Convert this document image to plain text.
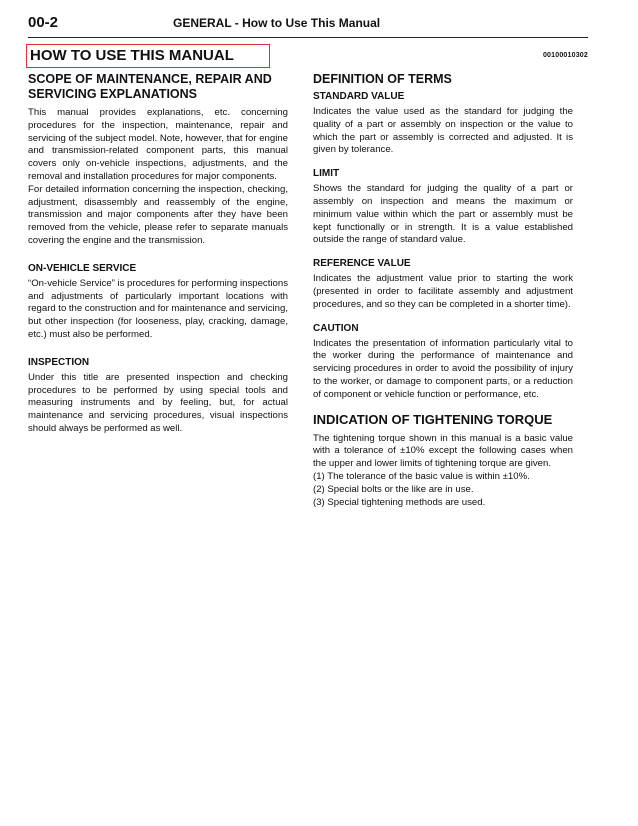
00-2	GENERAL - How to Use This Manual
HOW TO USE THIS MANUAL	00100010302
SCOPE OF MAINTENANCE, REPAIR AND SERVICING EXPLANATIONS

This manual provides explanations, etc. concerning procedures for the inspection, maintenance, repair and servicing of the subject model. Note, however, that for engine and transmission-related component parts, this manual covers only on-vehicle inspections, adjustments, and the removal and installation procedures for major components.

For detailed information concerning the inspection, checking, adjustment, disassembly and reassembly of the engine, transmission and major components after they have been removed from the vehicle, please refer to separate manuals covering the engine and the transmission.

ON-VEHICLE SERVICE

“On-vehicle Service” is procedures for performing inspections and adjustments of particularly important locations with regard to the construction and for maintenance and servicing, but other inspection (for looseness, play, cracking, damage, etc.) must also be performed.

INSPECTION

Under this title are presented inspection and checking procedures to be performed by using special tools and measuring instruments and by feeling, but, for actual maintenance and servicing procedures, visual inspections should always be performed as well.

DEFINITION OF TERMS
STANDARD VALUE

Indicates the value used as the standard for judging the quality of a part or assembly on inspection or the value to which the part or assembly is corrected and adjusted. It is given by tolerance.

LIMIT

Shows the standard for judging the quality of a part or assembly on inspection and means the maximum or minimum value within which the part or assembly must be kept functionally or in strength. It is a value established outside the range of standard value.

REFERENCE VALUE

Indicates the adjustment value prior to starting the work (presented in order to facilitate assembly and adjustment procedures, and so they can be completed in a shorter time).

CAUTION

Indicates the presentation of information particularly vital to the worker during the performance of maintenance and servicing procedures in order to avoid the possibility of injury to the worker, or damage to component parts, or a reduction of component or vehicle function or performance, etc.

INDICATION OF TIGHTENING TORQUE

The tightening torque shown in this manual is a basic value with a tolerance of ±10% except the following cases when the upper and lower limits of tightening torque are given.

(1) The tolerance of the basic value is within ±10%.
(2) Special bolts or the like are in use.
(3) Special tightening methods are used.
